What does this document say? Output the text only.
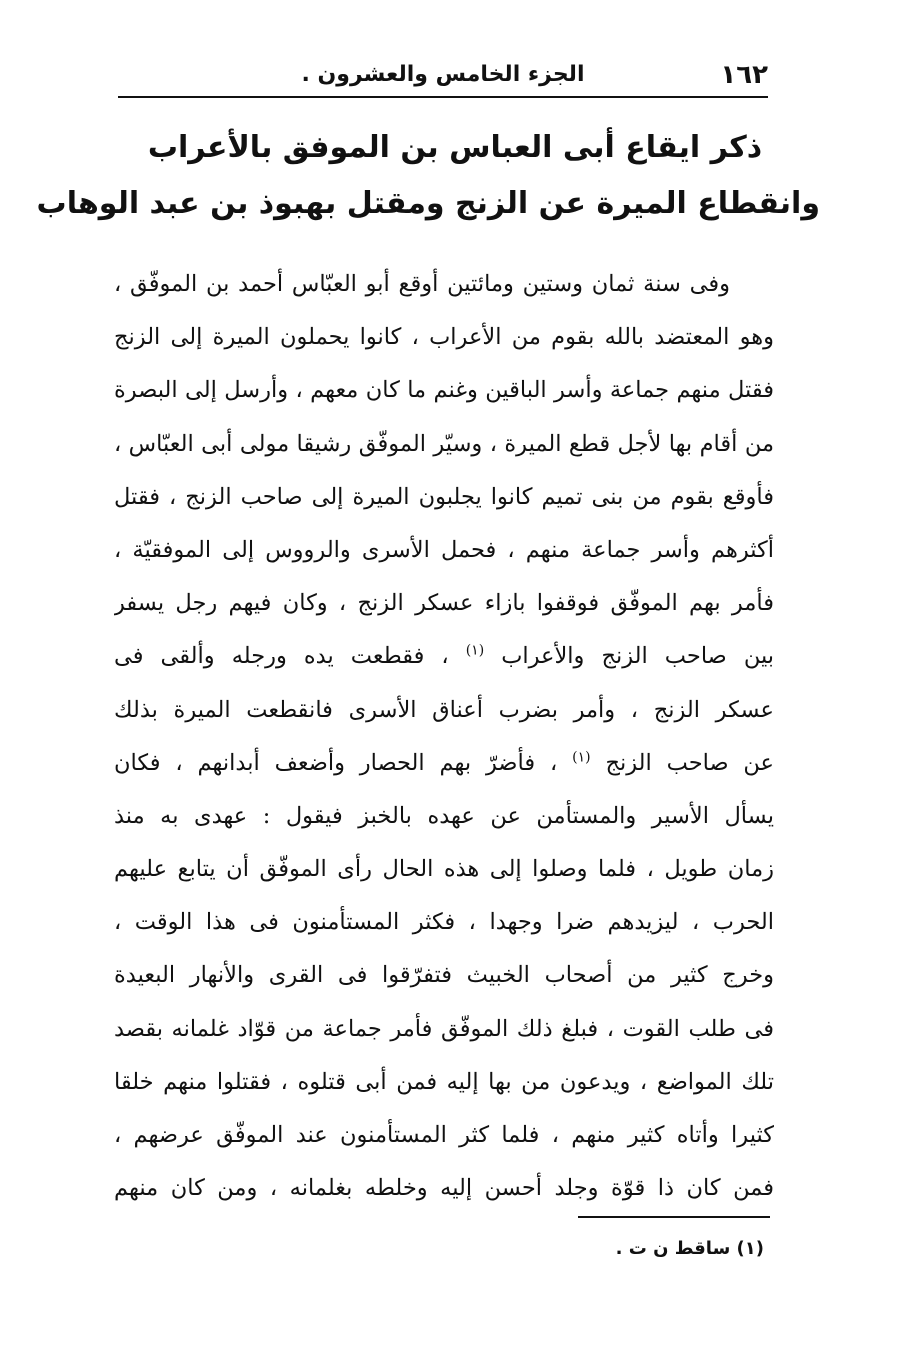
١٦٢
الجزء الخامس والعشرون .
ذكر ايقاع أبى العباس بن الموفق بالأعراب
وانقطاع الميرة عن الزنج ومقتل بهبوذ بن عبد الوهاب
وفى سنة ثمان وستين ومائتين أوقع أبو العبّاس أحمد بن الموفّق ،
وهو المعتضد بالله بقوم من الأعراب ، كانوا يحملون الميرة إلى الزنج
فقتل منهم جماعة وأسر الباقين وغنم ما كان معهم ، وأرسل إلى البصرة
من أقام بها لأجل قطع الميرة ، وسيّر الموفّق رشيقا مولى أبى العبّاس ،
فأوقع بقوم من بنى تميم كانوا يجلبون الميرة إلى صاحب الزنج ، فقتل
أكثرهم وأسر جماعة منهم ، فحمل الأسرى والرووس إلى الموفقيّة ،
فأمر بهم الموفّق فوقفوا بازاء عسكر الزنج ، وكان فيهم رجل يسفر
بين صاحب الزنج والأعراب $^{(١)}$ ، فقطعت يده ورجله وألقى فى
عسكر الزنج ، وأمر بضرب أعناق الأسرى فانقطعت الميرة بذلك
عن صاحب الزنج $^{(١)}$ ، فأضرّ بهم الحصار وأضعف أبدانهم ، فكان
يسأل الأسير والمستأمن عن عهده بالخبز فيقول : عهدى به منذ
زمان طويل ، فلما وصلوا إلى هذه الحال رأى الموفّق أن يتابع عليهم
الحرب ، ليزيدهم ضرا وجهدا ، فكثر المستأمنون فى هذا الوقت ،
وخرج كثير من أصحاب الخبيث فتفرّقوا فى القرى والأنهار البعيدة
فى طلب القوت ، فبلغ ذلك الموفّق فأمر جماعة من قوّاد غلمانه بقصد
تلك المواضع ، ويدعون من بها إليه فمن أبى قتلوه ، فقتلوا منهم خلقا
كثيرا وأتاه كثير منهم ، فلما كثر المستأمنون عند الموفّق عرضهم ،
فمن كان ذا قوّة وجلد أحسن إليه وخلطه بغلمانه ، ومن كان منهم
(١) ساقط ن ت .
